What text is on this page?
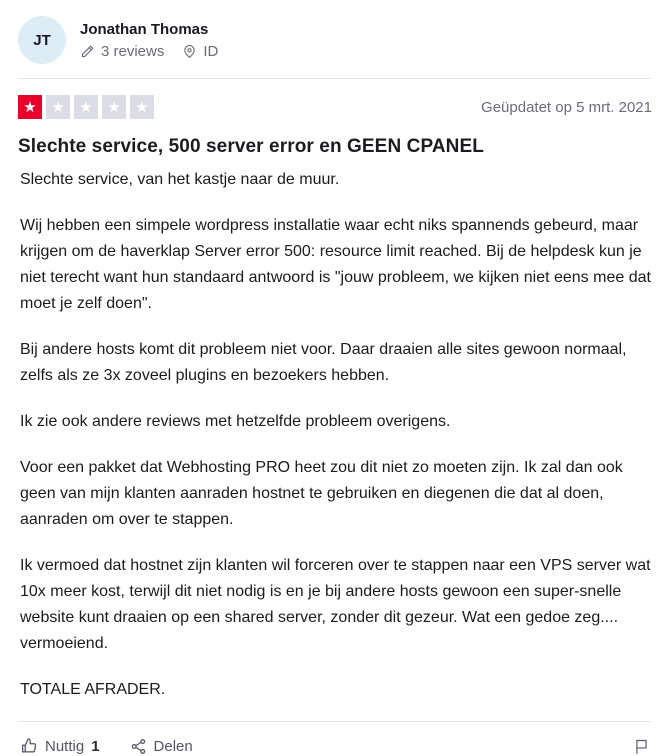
JT
Jonathan Thomas
3 reviews	ID
★ ★ ★ ★ ★	Geüpdatet op 5 mrt. 2021
Slechte service, 500 server error en GEEN CPANEL

Slechte service, van het kastje naar de muur.

Wij hebben een simpele wordpress installatie waar echt niks spannends gebeurd, maar krijgen om de haverklap Server error 500: resource limit reached. Bij de helpdesk kun je niet terecht want hun standaard antwoord is "jouw probleem, we kijken niet eens mee dat moet je zelf doen".

Bij andere hosts komt dit probleem niet voor. Daar draaien alle sites gewoon normaal, zelfs als ze 3x zoveel plugins en bezoekers hebben.

Ik zie ook andere reviews met hetzelfde probleem overigens.

Voor een pakket dat Webhosting PRO heet zou dit niet zo moeten zijn. Ik zal dan ook geen van mijn klanten aanraden hostnet te gebruiken en diegenen die dat al doen, aanraden om over te stappen.

Ik vermoed dat hostnet zijn klanten wil forceren over te stappen naar een VPS server wat 10x meer kost, terwijl dit niet nodig is en je bij andere hosts gewoon een super-snelle website kunt draaien op een shared server, zonder dit gezeur. Wat een gedoe zeg.... vermoeiend.

TOTALE AFRADER.

Nuttig 1	Delen
